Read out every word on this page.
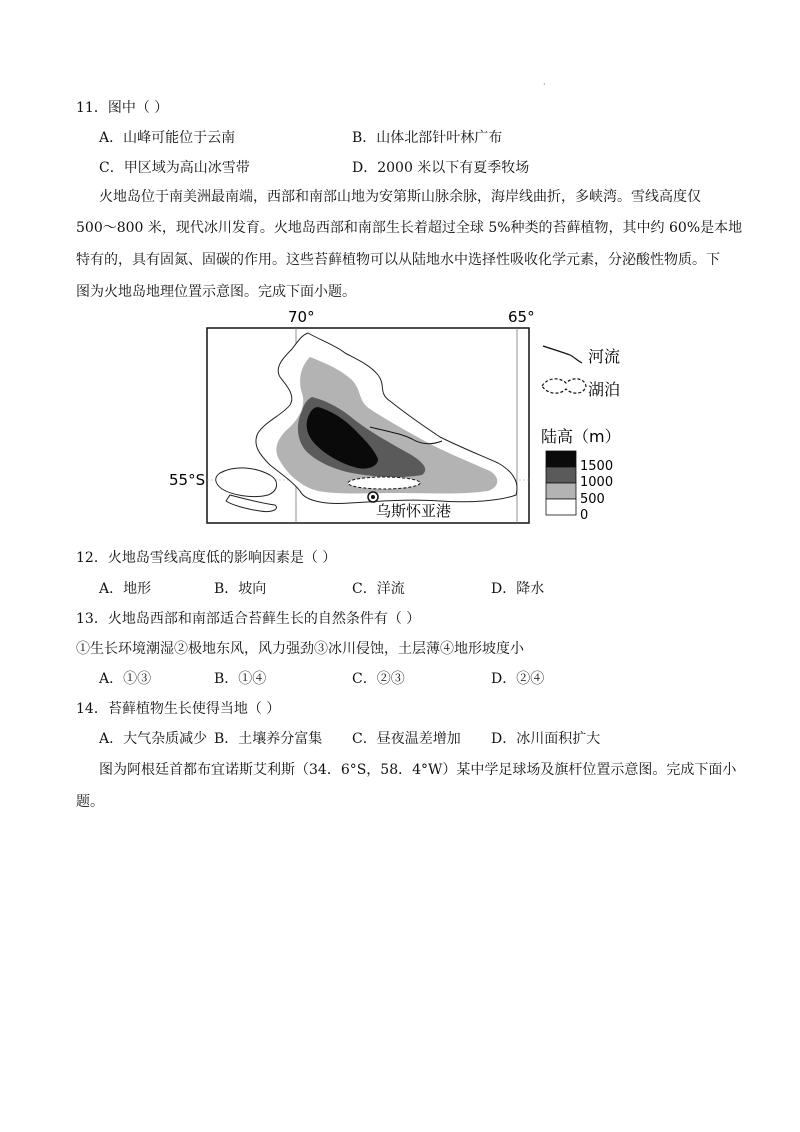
·
11．图中（ ）
A．山峰可能位于云南	B．山体北部针叶林广布
C．甲区域为高山冰雪带	D．2000 米以下有夏季牧场
火地岛位于南美洲最南端，西部和南部山地为安第斯山脉余脉，海岸线曲折，多峡湾。雪线高度仅
500～800 米，现代冰川发育。火地岛西部和南部生长着超过全球 5%种类的苔藓植物，其中约 60%是本地
特有的，具有固氮、固碳的作用。这些苔藓植物可以从陆地水中选择性吸收化学元素，分泌酸性物质。下
图为火地岛地理位置示意图。完成下面小题。
70°	65°
55°S
乌斯怀亚港
河流
湖泊
陆高（m）
1500
1000
500
0
12．火地岛雪线高度低的影响因素是（ ）
A．地形	B．坡向	C．洋流	D．降水
13．火地岛西部和南部适合苔藓生长的自然条件有（ ）
①生长环境潮湿②极地东风，风力强劲③冰川侵蚀，土层薄④地形坡度小
A．①③	B．①④	C．②③	D．②④
14．苔藓植物生长使得当地（ ）
A．大气杂质减少 B．土壤养分富集 C．昼夜温差增加 D．冰川面积扩大
图为阿根廷首都布宜诺斯艾利斯（34．6°S，58．4°W）某中学足球场及旗杆位置示意图。完成下面小
题。
